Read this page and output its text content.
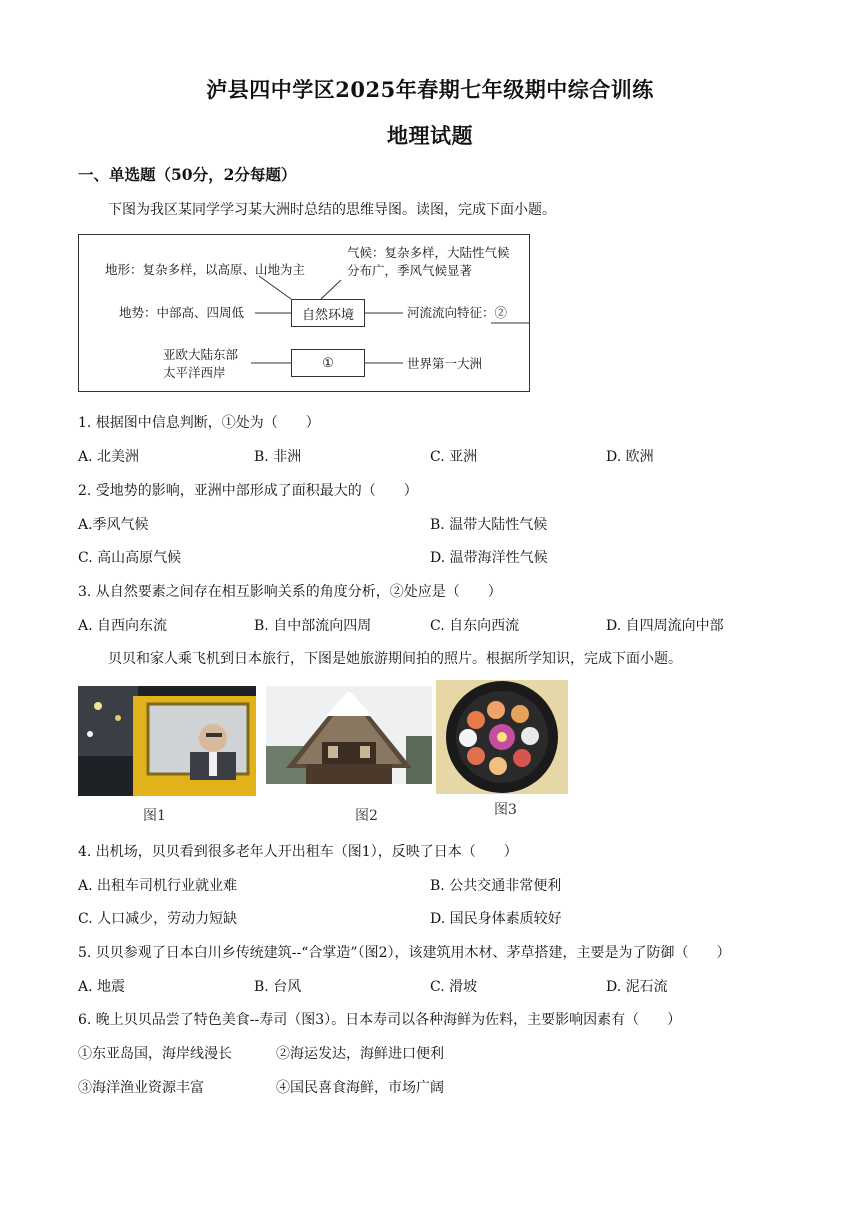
泸县四中学区2025年春期七年级期中综合训练
地理试题
一、单选题（50分，2分每题）
下图为我区某同学学习某大洲时总结的思维导图。读图，完成下面小题。
地形：复杂多样，以高原、山地为主
气候：复杂多样，大陆性气候
分布广，季风气候显著
地势：中部高、四周低	自然环境	河流流向特征：②
亚欧大陆东部
太平洋西岸
①	世界第一大洲
1. 根据图中信息判断，①处为（　　）
A. 北美洲	B. 非洲	C. 亚洲	D. 欧洲
2. 受地势的影响，亚洲中部形成了面积最大的（　　）
A.季风气候	B. 温带大陆性气候
C. 高山高原气候	D. 温带海洋性气候
3. 从自然要素之间存在相互影响关系的角度分析，②处应是（　　）
A. 自西向东流	B. 自中部流向四周	C. 自东向西流	D. 自四周流向中部
贝贝和家人乘飞机到日本旅行，下图是她旅游期间拍的照片。根据所学知识，完成下面小题。
图1	图2	图3
4. 出机场，贝贝看到很多老年人开出租车（图1），反映了日本（　　）
A. 出租车司机行业就业难	B. 公共交通非常便利
C. 人口减少，劳动力短缺	D. 国民身体素质较好
5. 贝贝参观了日本白川乡传统建筑--“合掌造”（图2），该建筑用木材、茅草搭建，主要是为了防御（　　）
A. 地震	B. 台风	C. 滑坡	D. 泥石流
6. 晚上贝贝品尝了特色美食--寿司（图3）。日本寿司以各种海鲜为佐料，主要影响因素有（　　）
①东亚岛国，海岸线漫长	②海运发达，海鲜进口便利
③海洋渔业资源丰富	④国民喜食海鲜，市场广阔
